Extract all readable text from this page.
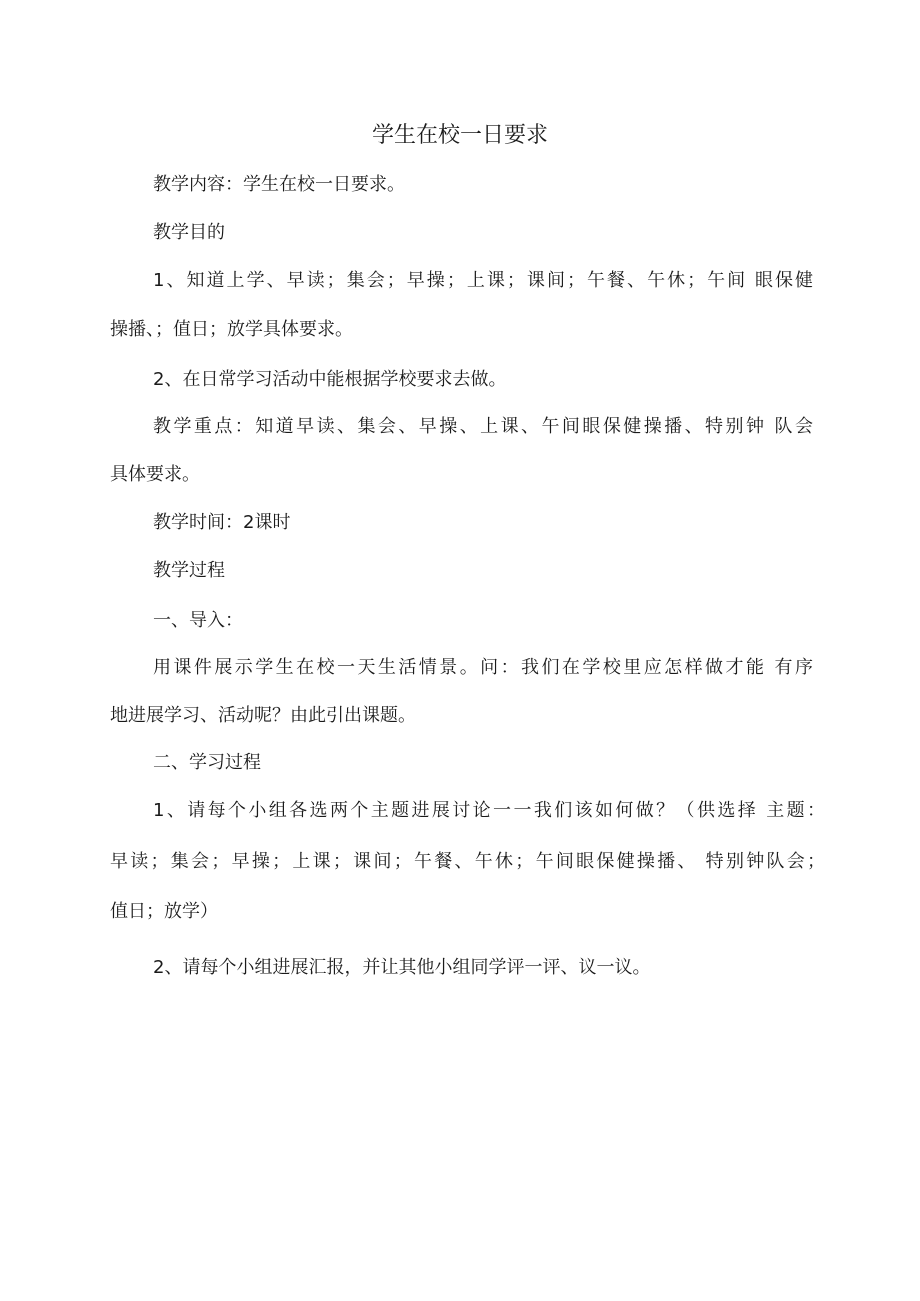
学生在校一日要求

教学内容：学生在校一日要求。

教学目的

1、知道上学、早读；集会；早操；上课；课间；午餐、午休；午间 眼保健

操播、；值日；放学具体要求。

2、在日常学习活动中能根据学校要求去做。

教学重点：知道早读、集会、早操、上课、午间眼保健操播、特别钟 队会

具体要求。

教学时间：2课时

教学过程

一、导入：

用课件展示学生在校一天生活情景。问：我们在学校里应怎样做才能 有序

地进展学习、活动呢？由此引出课题。

二、学习过程

1、请每个小组各选两个主题进展讨论一一我们该如何做？（供选择 主题：

早读；集会；早操；上课；课间；午餐、午休；午间眼保健操播、 特别钟队会；

值日；放学）

2、请每个小组进展汇报，并让其他小组同学评一评、议一议。
